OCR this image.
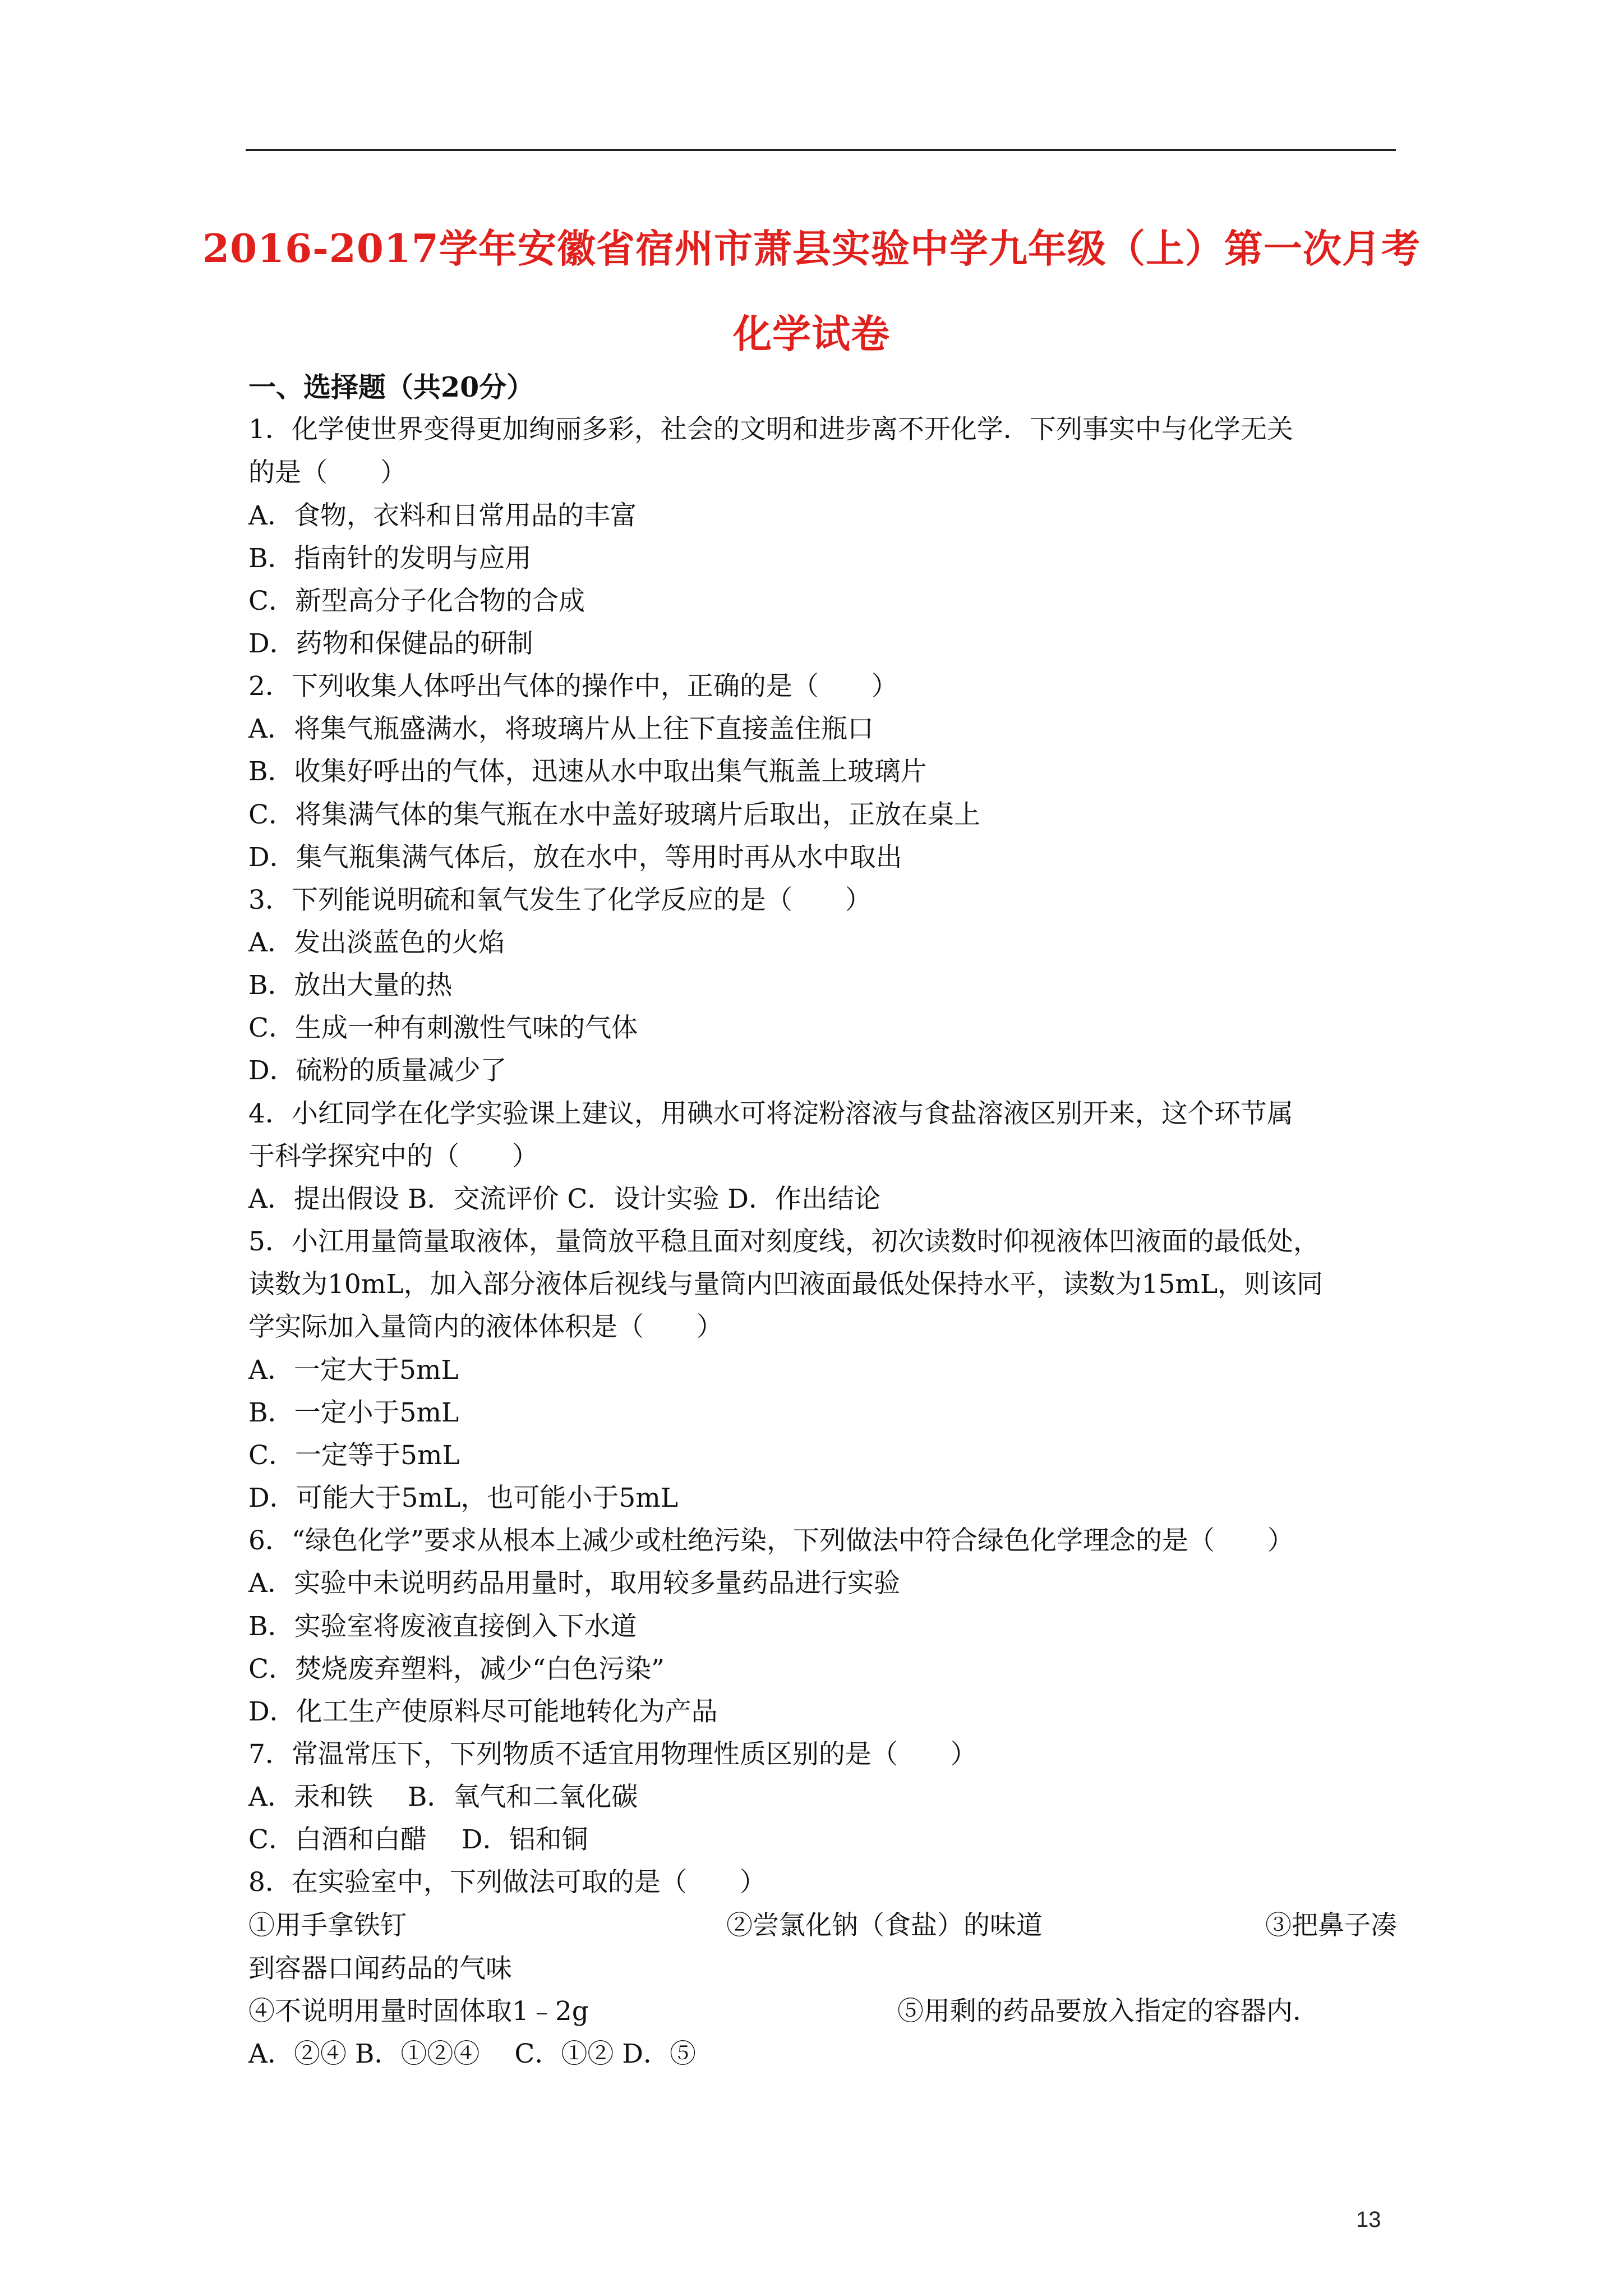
2016-2017学年安徽省宿州市萧县实验中学九年级（上）第一次月考
化学试卷
一、选择题（共20分）
1．化学使世界变得更加绚丽多彩，社会的文明和进步离不开化学．下列事实中与化学无关
的是（　　）
A．食物，衣料和日常用品的丰富
B．指南针的发明与应用
C．新型高分子化合物的合成
D．药物和保健品的研制
2．下列收集人体呼出气体的操作中，正确的是（　　）
A．将集气瓶盛满水，将玻璃片从上往下直接盖住瓶口
B．收集好呼出的气体，迅速从水中取出集气瓶盖上玻璃片
C．将集满气体的集气瓶在水中盖好玻璃片后取出，正放在桌上
D．集气瓶集满气体后，放在水中，等用时再从水中取出
3．下列能说明硫和氧气发生了化学反应的是（　　）
A．发出淡蓝色的火焰
B．放出大量的热
C．生成一种有刺激性气味的气体
D．硫粉的质量减少了
4．小红同学在化学实验课上建议，用碘水可将淀粉溶液与食盐溶液区别开来，这个环节属
于科学探究中的（　　）
A．提出假设 B．交流评价 C．设计实验 D．作出结论
5．小江用量筒量取液体，量筒放平稳且面对刻度线，初次读数时仰视液体凹液面的最低处，
读数为10mL，加入部分液体后视线与量筒内凹液面最低处保持水平，读数为15mL，则该同
学实际加入量筒内的液体体积是（　　）
A．一定大于5mL
B．一定小于5mL
C．一定等于5mL
D．可能大于5mL，也可能小于5mL
6．“绿色化学”要求从根本上减少或杜绝污染，下列做法中符合绿色化学理念的是（　　）
A．实验中未说明药品用量时，取用较多量药品进行实验
B．实验室将废液直接倒入下水道
C．焚烧废弃塑料，减少“白色污染”
D．化工生产使原料尽可能地转化为产品
7．常温常压下，下列物质不适宜用物理性质区别的是（　　）
A．汞和铁　 B．氧气和二氧化碳
C．白酒和白醋　 D．铝和铜
8．在实验室中，下列做法可取的是（　　）
①用手拿铁钉	②尝氯化钠（食盐）的味道	③把鼻子凑
到容器口闻药品的气味
④不说明用量时固体取1﹣2g	⑤用剩的药品要放入指定的容器内．
A．②④ B．①②④　 C．①② D．⑤
13
